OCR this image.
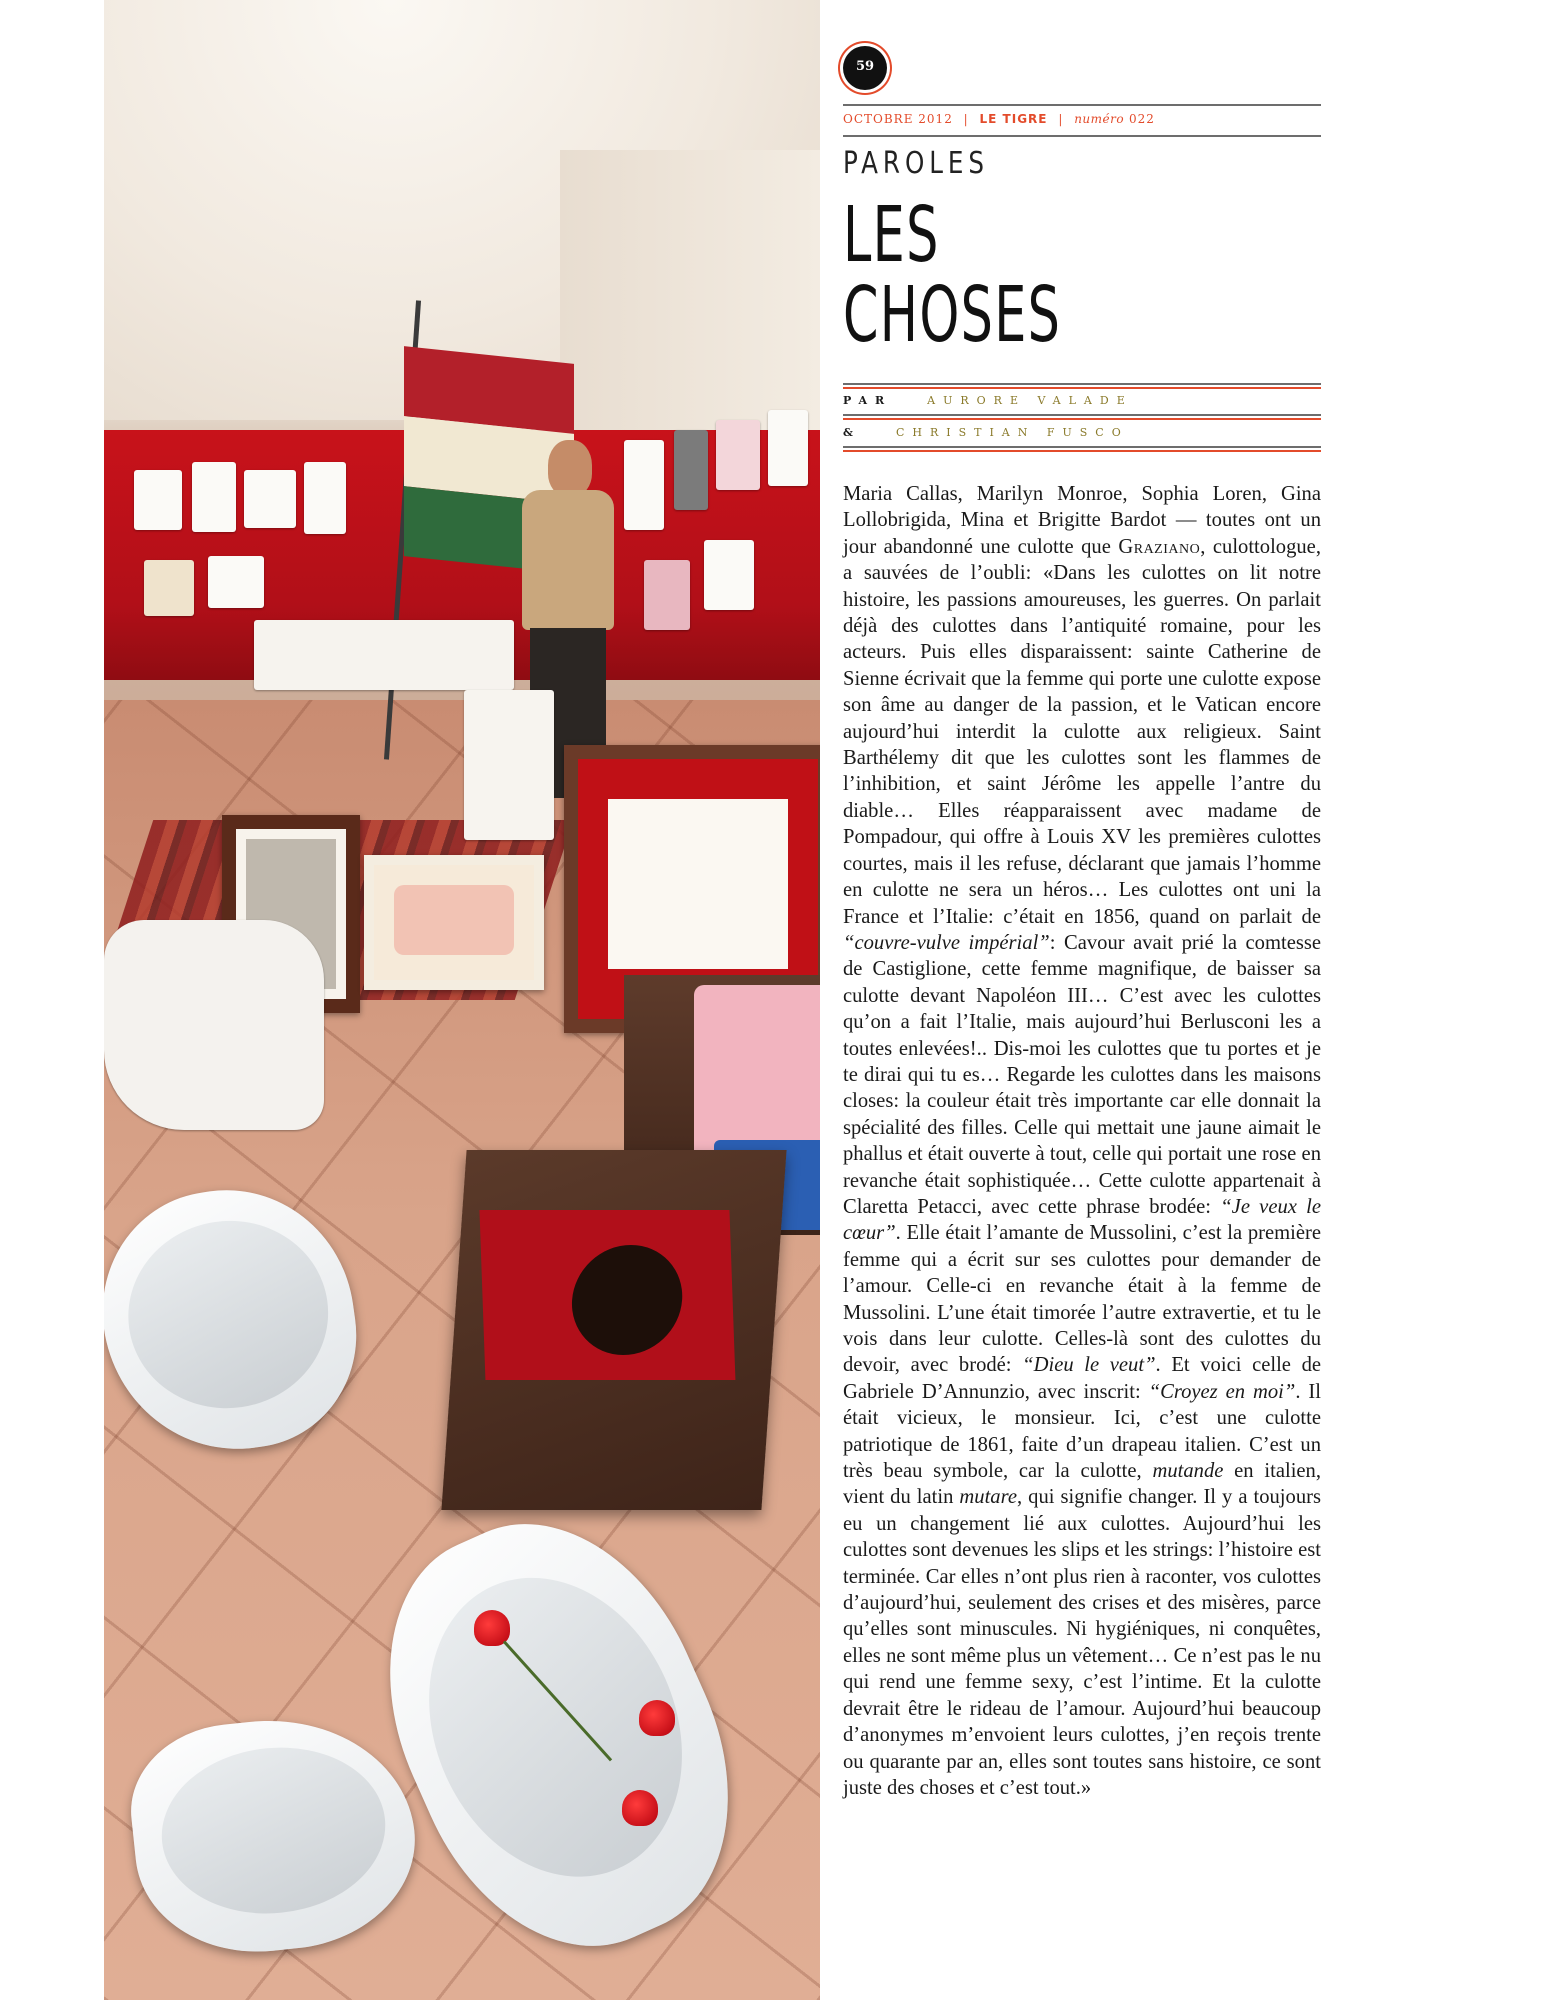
59
OCTOBRE 2012 | LE TIGRE | numéro 022
PAROLES
LES
CHOSES
PAR	AURORE VALADE
&	CHRISTIAN FUSCO

Maria Callas, Marilyn Monroe, Sophia Loren, Gina Lollobrigida, Mina et Brigitte Bardot — toutes ont un jour abandonné une culotte que Graziano, culottologue, a sauvées de l’oubli: «Dans les culottes on lit notre histoire, les passions amoureuses, les guerres. On parlait déjà des culottes dans l’antiquité romaine, pour les acteurs. Puis elles disparaissent: sainte Catherine de Sienne écrivait que la femme qui porte une culotte expose son âme au danger de la passion, et le Vatican encore aujourd’hui interdit la culotte aux religieux. Saint Barthélemy dit que les culottes sont les flammes de l’inhibition, et saint Jérôme les appelle l’antre du diable… Elles réapparaissent avec madame de Pompadour, qui offre à Louis XV les premières culottes courtes, mais il les refuse, déclarant que jamais l’homme en culotte ne sera un héros… Les culottes ont uni la France et l’Italie: c’était en 1856, quand on parlait de “couvre-vulve impérial”: Cavour avait prié la comtesse de Castiglione, cette femme magnifique, de baisser sa culotte devant Napoléon III… C’est avec les culottes qu’on a fait l’Italie, mais aujourd’hui Berlusconi les a toutes enlevées!.. Dis-moi les culottes que tu portes et je te dirai qui tu es… Regarde les culottes dans les maisons closes: la couleur était très importante car elle donnait la spécialité des filles. Celle qui mettait une jaune aimait le phallus et était ouverte à tout, celle qui portait une rose en revanche était sophistiquée… Cette culotte appartenait à Claretta Petacci, avec cette phrase brodée: “Je veux le cœur”. Elle était l’amante de Mussolini, c’est la première femme qui a écrit sur ses culottes pour demander de l’amour. Celle-ci en revanche était à la femme de Mussolini. L’une était timorée l’autre extravertie, et tu le vois dans leur culotte. Celles-là sont des culottes du devoir, avec brodé: “Dieu le veut”. Et voici celle de Gabriele D’Annunzio, avec inscrit: “Croyez en moi”. Il était vicieux, le monsieur. Ici, c’est une culotte patriotique de 1861, faite d’un drapeau italien. C’est un très beau symbole, car la culotte, mutande en italien, vient du latin mutare, qui signifie changer. Il y a toujours eu un changement lié aux culottes. Aujourd’hui les culottes sont devenues les slips et les strings: l’histoire est terminée. Car elles n’ont plus rien à raconter, vos culottes d’aujourd’hui, seulement des crises et des misères, parce qu’elles sont minuscules. Ni hygiéniques, ni conquêtes, elles ne sont même plus un vêtement… Ce n’est pas le nu qui rend une femme sexy, c’est l’intime. Et la culotte devrait être le rideau de l’amour. Aujourd’hui beaucoup d’anonymes m’envoient leurs culottes, j’en reçois trente ou quarante par an, elles sont toutes sans histoire, ce sont juste des choses et c’est tout.»
